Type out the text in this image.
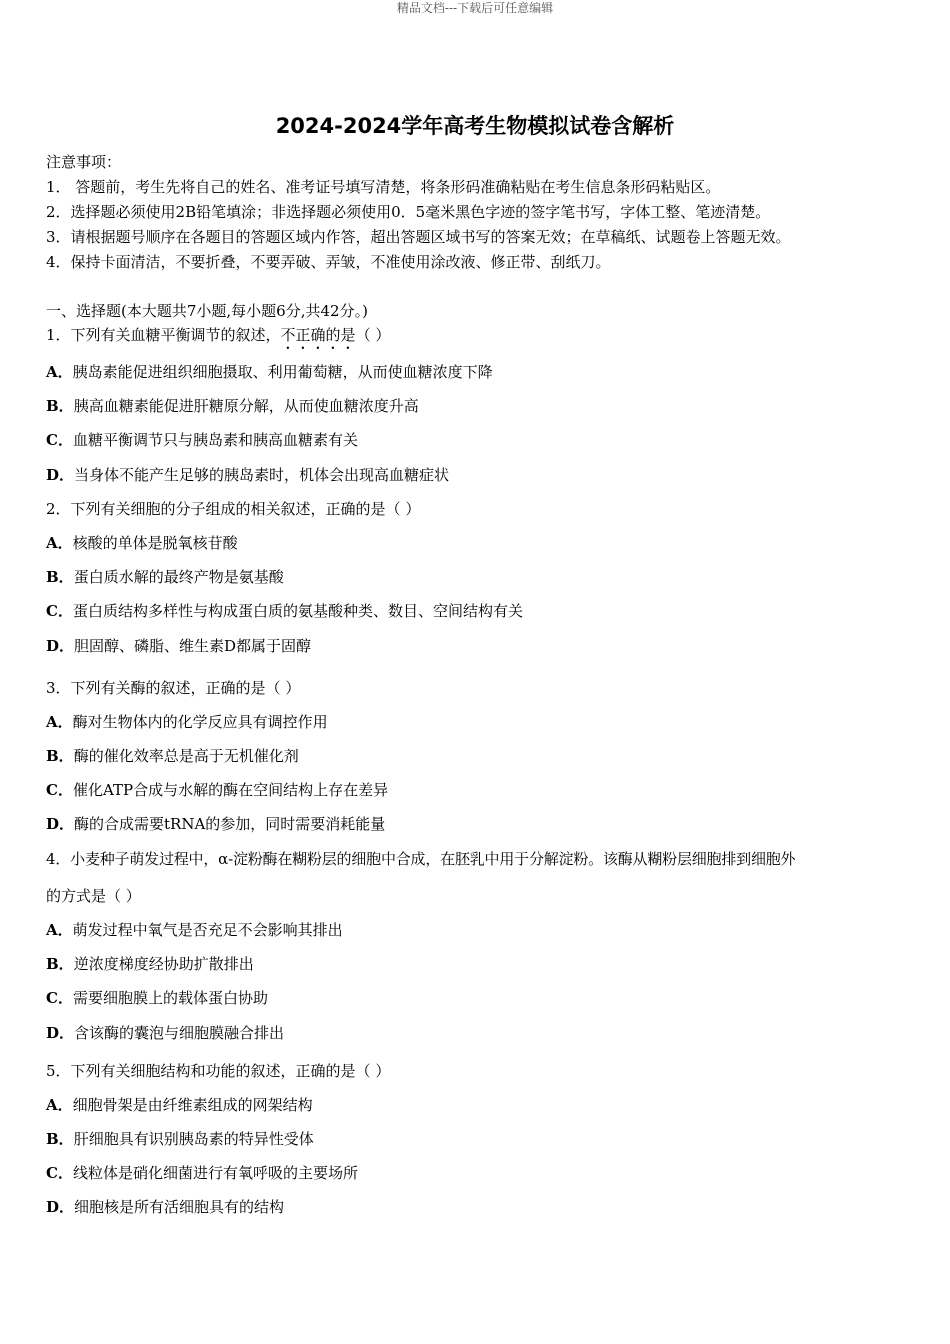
精品文档---下载后可任意编辑
2024-2024学年高考生物模拟试卷含解析
注意事项：
1． 答题前，考生先将自己的姓名、准考证号填写清楚，将条形码准确粘贴在考生信息条形码粘贴区。
2．选择题必须使用2B铅笔填涂；非选择题必须使用0．5毫米黑色字迹的签字笔书写，字体工整、笔迹清楚。
3．请根据题号顺序在各题目的答题区域内作答，超出答题区域书写的答案无效；在草稿纸、试题卷上答题无效。
4．保持卡面清洁，不要折叠，不要弄破、弄皱，不准使用涂改液、修正带、刮纸刀。
一、选择题(本大题共7小题,每小题6分,共42分。)
1．下列有关血糖平衡调节的叙述，不正确的是（ ）
A．胰岛素能促进组织细胞摄取、利用葡萄糖，从而使血糖浓度下降
B．胰高血糖素能促进肝糖原分解，从而使血糖浓度升高
C．血糖平衡调节只与胰岛素和胰高血糖素有关
D．当身体不能产生足够的胰岛素时，机体会出现高血糖症状
2．下列有关细胞的分子组成的相关叙述，正确的是（ ）
A．核酸的单体是脱氧核苷酸
B．蛋白质水解的最终产物是氨基酸
C．蛋白质结构多样性与构成蛋白质的氨基酸种类、数目、空间结构有关
D．胆固醇、磷脂、维生素D都属于固醇
3．下列有关酶的叙述，正确的是（ ）
A．酶对生物体内的化学反应具有调控作用
B．酶的催化效率总是高于无机催化剂
C．催化ATP合成与水解的酶在空间结构上存在差异
D．酶的合成需要tRNA的参加，同时需要消耗能量
4．小麦种子萌发过程中，α-淀粉酶在糊粉层的细胞中合成，在胚乳中用于分解淀粉。该酶从糊粉层细胞排到细胞外
的方式是（ ）
A．萌发过程中氧气是否充足不会影响其排出
B．逆浓度梯度经协助扩散排出
C．需要细胞膜上的载体蛋白协助
D．含该酶的囊泡与细胞膜融合排出
5．下列有关细胞结构和功能的叙述，正确的是（ ）
A．细胞骨架是由纤维素组成的网架结构
B．肝细胞具有识别胰岛素的特异性受体
C．线粒体是硝化细菌进行有氧呼吸的主要场所
D．细胞核是所有活细胞具有的结构
